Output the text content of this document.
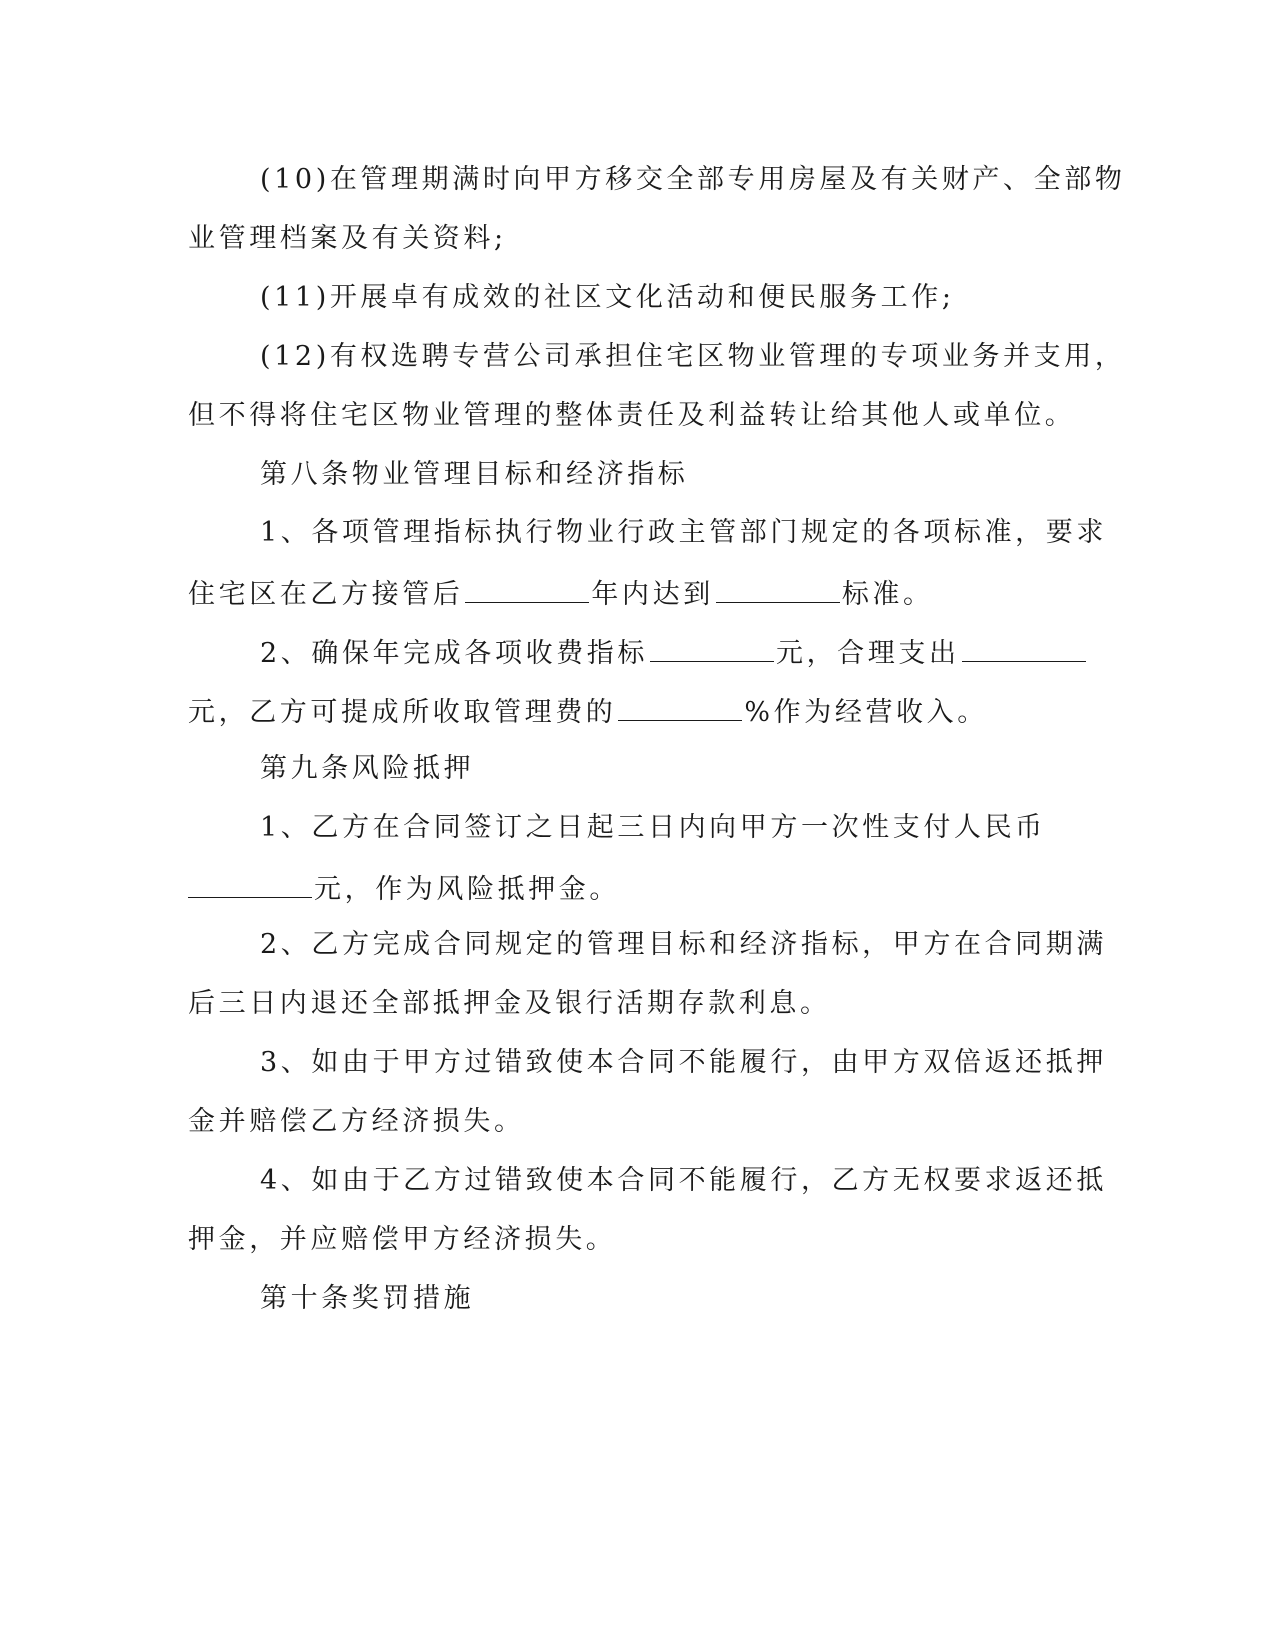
(10)在管理期满时向甲方移交全部专用房屋及有关财产、全部物
业管理档案及有关资料;
(11)开展卓有成效的社区文化活动和便民服务工作;
(12)有权选聘专营公司承担住宅区物业管理的专项业务并支用，
但不得将住宅区物业管理的整体责任及利益转让给其他人或单位。
第八条物业管理目标和经济指标
1、各项管理指标执行物业行政主管部门规定的各项标准，要求
住宅区在乙方接管后	年内达到	标准。
2、确保年完成各项收费指标	元，合理支出
元，乙方可提成所收取管理费的	%作为经营收入。
第九条风险抵押
1、乙方在合同签订之日起三日内向甲方一次性支付人民币
元，作为风险抵押金。
2、乙方完成合同规定的管理目标和经济指标，甲方在合同期满
后三日内退还全部抵押金及银行活期存款利息。
3、如由于甲方过错致使本合同不能履行，由甲方双倍返还抵押
金并赔偿乙方经济损失。
4、如由于乙方过错致使本合同不能履行，乙方无权要求返还抵
押金，并应赔偿甲方经济损失。
第十条奖罚措施
